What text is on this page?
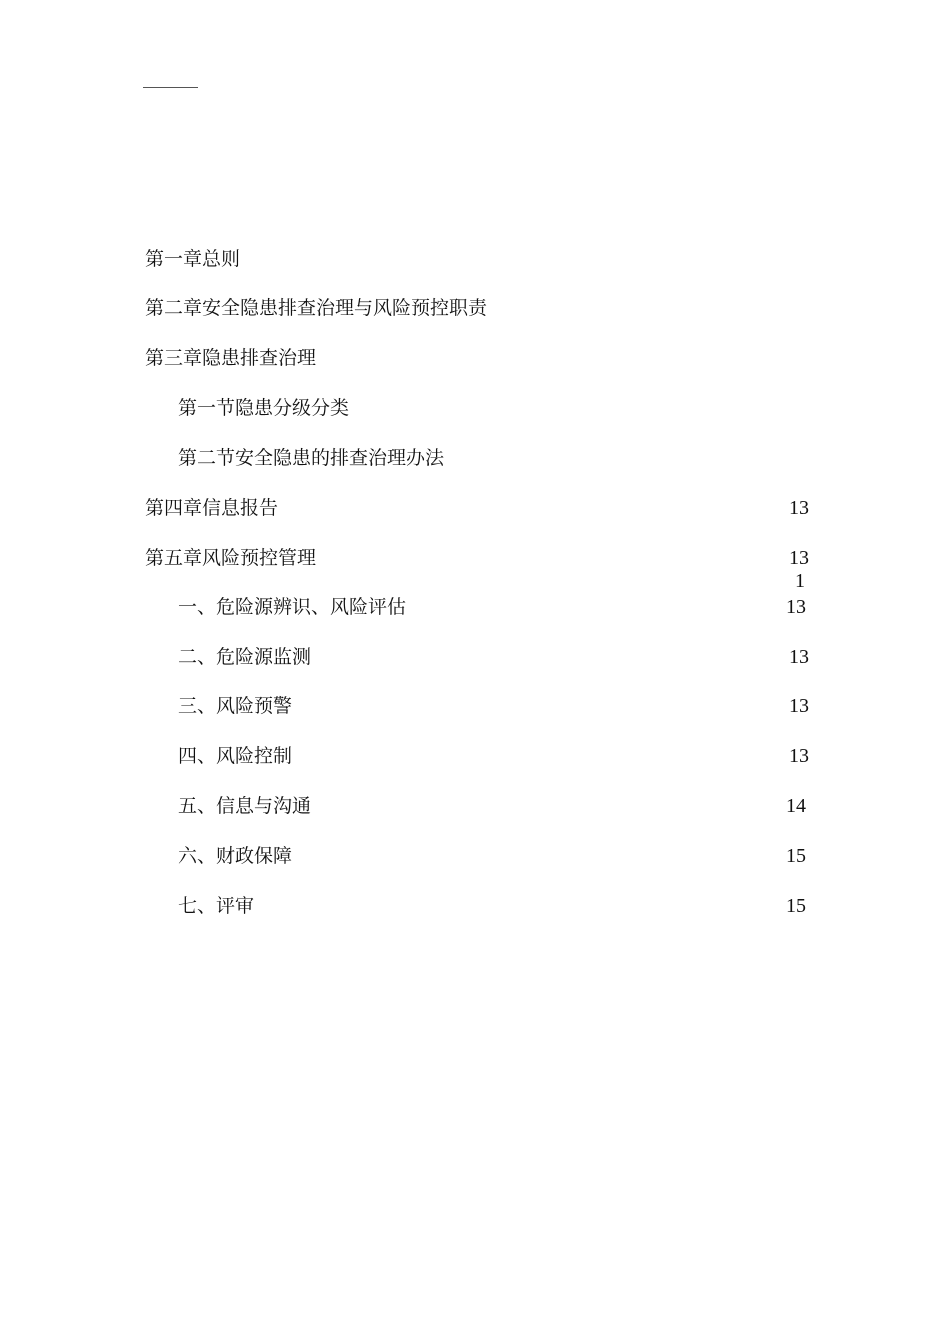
第一章总则
第二章安全隐患排查治理与风险预控职责
第三章隐患排查治理
第一节隐患分级分类
第二节安全隐患的排查治理办法
第四章信息报告	13
第五章风险预控管理	13
1
一、危险源辨识、风险评估	13
二、危险源监测	13
三、风险预警	13
四、风险控制	13
五、信息与沟通	14
六、财政保障	15
七、评审	15
